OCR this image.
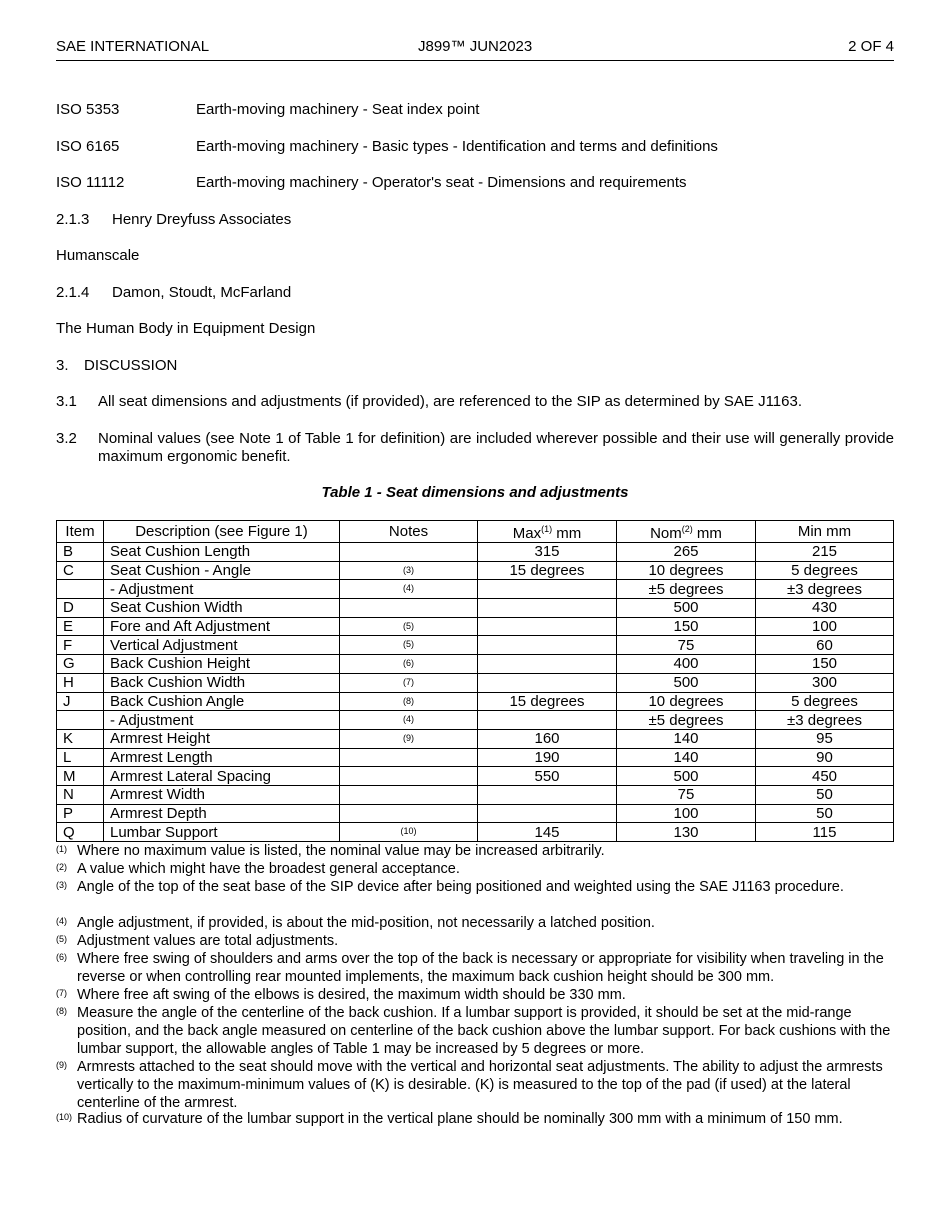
SAE INTERNATIONAL	J899™ JUN2023	2 OF 4
ISO 5353	Earth-moving machinery - Seat index point
ISO 6165	Earth-moving machinery - Basic types - Identification and terms and definitions
ISO 11112	Earth-moving machinery - Operator's seat - Dimensions and requirements
2.1.3 Henry Dreyfuss Associates
Humanscale
2.1.4 Damon, Stoudt, McFarland
The Human Body in Equipment Design
3. DISCUSSION
3.1 All seat dimensions and adjustments (if provided), are referenced to the SIP as determined by SAE J1163.
3.2 Nominal values (see Note 1 of Table 1 for definition) are included wherever possible and their use will generally provide maximum ergonomic benefit.
Table 1 - Seat dimensions and adjustments
Item	Description (see Figure 1)	Notes	Max$^{(1)}$ mm	Nom$^{(2)}$ mm	Min mm
B	Seat Cushion Length		315	265	215
C	Seat Cushion - Angle	(3)	15 degrees	10 degrees	5 degrees
	- Adjustment	(4)		±5 degrees	±3 degrees
D	Seat Cushion Width			500	430
E	Fore and Aft Adjustment	(5)		150	100
F	Vertical Adjustment	(5)		75	60
G	Back Cushion Height	(6)		400	150
H	Back Cushion Width	(7)		500	300
J	Back Cushion Angle	(8)	15 degrees	10 degrees	5 degrees
	- Adjustment	(4)		±5 degrees	±3 degrees
K	Armrest Height	(9)	160	140	95
L	Armrest Length		190	140	90
M	Armrest Lateral Spacing		550	500	450
N	Armrest Width			75	50
P	Armrest Depth			100	50
Q	Lumbar Support	(10)	145	130	115
(1) Where no maximum value is listed, the nominal value may be increased arbitrarily.
(2) A value which might have the broadest general acceptance.
(3) Angle of the top of the seat base of the SIP device after being positioned and weighted using the SAE J1163 procedure.
(4) Angle adjustment, if provided, is about the mid-position, not necessarily a latched position.
(5) Adjustment values are total adjustments.
(6) Where free swing of shoulders and arms over the top of the back is necessary or appropriate for visibility when traveling in the reverse or when controlling rear mounted implements, the maximum back cushion height should be 300 mm.
(7) Where free aft swing of the elbows is desired, the maximum width should be 330 mm.
(8) Measure the angle of the centerline of the back cushion. If a lumbar support is provided, it should be set at the mid-range position, and the back angle measured on centerline of the back cushion above the lumbar support. For back cushions with the lumbar support, the allowable angles of Table 1 may be increased by 5 degrees or more.
(9) Armrests attached to the seat should move with the vertical and horizontal seat adjustments. The ability to adjust the armrests vertically to the maximum-minimum values of (K) is desirable. (K) is measured to the top of the pad (if used) at the lateral centerline of the armrest.
(10) Radius of curvature of the lumbar support in the vertical plane should be nominally 300 mm with a minimum of 150 mm.
